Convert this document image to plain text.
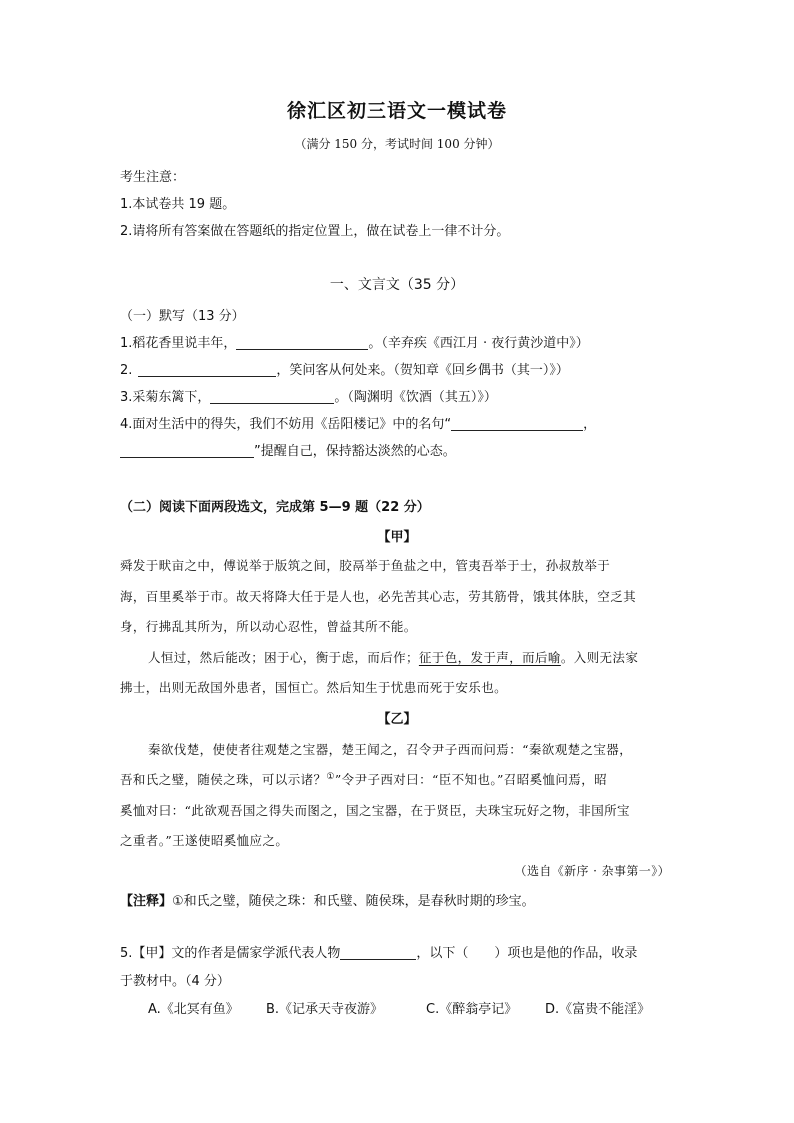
徐汇区初三语文一模试卷
（满分 150 分，考试时间 100 分钟）
考生注意：
1.本试卷共 19 题。
2.请将所有答案做在答题纸的指定位置上，做在试卷上一律不计分。
一、文言文（35 分）
（一）默写（13 分）
1.稻花香里说丰年，	。（辛弃疾《西江月 · 夜行黄沙道中》）
2.	，笑问客从何处来。（贺知章《回乡偶书（其一）》）
3.采菊东篱下，	。（陶渊明《饮酒（其五）》）
4.面对生活中的得失，我们不妨用《岳阳楼记》中的名句“	，
”提醒自己，保持豁达淡然的心态。
（二）阅读下面两段选文，完成第 5—9 题（22 分）
【甲】
舜发于畎亩之中，傅说举于版筑之间，胶鬲举于鱼盐之中，管夷吾举于士，孙叔敖举于
海，百里奚举于市。故天将降大任于是人也，必先苦其心志，劳其筋骨，饿其体肤，空乏其
身，行拂乱其所为，所以动心忍性，曾益其所不能。
人恒过，然后能改；困于心，衡于虑，而后作；征于色，发于声，而后喻。入则无法家
拂士，出则无敌国外患者，国恒亡。然后知生于忧患而死于安乐也。
【乙】
秦欲伐楚，使使者往观楚之宝器，楚王闻之，召令尹子西而问焉：“秦欲观楚之宝器，
吾和氏之璧，随侯之珠，可以示诸？①”令尹子西对曰：“臣不知也。”召昭奚恤问焉，昭
奚恤对曰：“此欲观吾国之得失而图之，国之宝器，在于贤臣，夫珠宝玩好之物，非国所宝
之重者。”王遂使昭奚恤应之。
（选自《新序 · 杂事第一》）
【注释】①和氏之璧，随侯之珠：和氏璧、随侯珠，是春秋时期的珍宝。
5.【甲】文的作者是儒家学派代表人物	，以下（　　）项也是他的作品，收录
于教材中。（4 分）
A.《北冥有鱼》 B.《记承天寺夜游》	C.《醉翁亭记》 D.《富贵不能淫》
